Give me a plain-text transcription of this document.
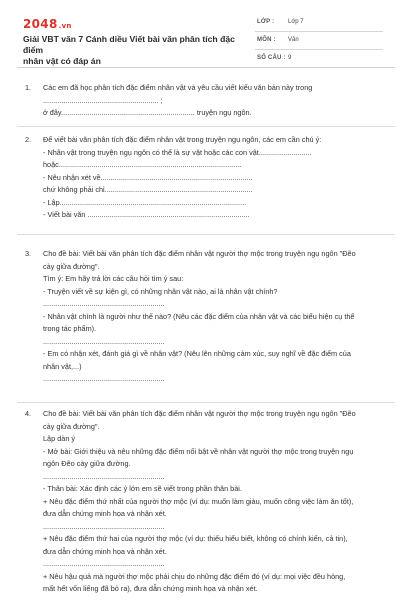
2048.vn
Giải VBT văn 7 Cánh diều Viết bài văn phân tích đặc điểm
nhân vật có đáp án
LỚP : Lớp 7
MÔN : Văn
SỐ CÂU : 9
1. Các em đã học phân tích đặc điểm nhân vật và yêu cầu viết kiểu văn bản này trong
......................................................... ;
ở đây.................................................................. truyện ngụ ngôn.
2. Để viết bài văn phân tích đặc điểm nhân vật trong truyện ngụ ngôn, các em cần chú ý:
- Nhân vật trong truyện ngụ ngôn có thể là sự vật hoặc các con vật..........................
hoặc..........................................................................................
- Nêu nhận xét về...........................................................................
chứ không phải chỉ.........................................................................
- Lập............................................................................................
- Viết bài văn ................................................................................
3. Cho đề bài: Viết bài văn phân tích đặc điểm nhân vật người thợ mộc trong truyện ngụ ngôn "Đẽo
cày giữa đường".
Tìm ý: Em hãy trả lời các câu hỏi tìm ý sau:
- Truyện viết về sự kiện gì, có những nhân vật nào, ai là nhân vật chính?
............................................................
- Nhân vật chính là người như thế nào? (Nêu các đặc điểm của nhân vật và các biểu hiện cụ thể
trong tác phẩm).
............................................................
- Em có nhận xét, đánh giá gì về nhân vật? (Nêu lên những cảm xúc, suy nghĩ về đặc điểm của
nhân vật,...)
............................................................
4. Cho đề bài: Viết bài văn phân tích đặc điểm nhân vật người thợ mộc trong truyện ngụ ngôn "Đẽo
cày giữa đường".
Lập dàn ý
- Mở bài: Giới thiệu và nêu những đặc điểm nổi bật về nhân vật người thợ mộc trong truyện ngụ
ngôn Đẽo cày giữa đường.
............................................................
- Thân bài: Xác định các ý lớn em sẽ viết trong phần thân bài.
+ Nêu đặc điểm thứ nhất của người thợ mộc (ví dụ: muốn làm giàu, muốn công việc làm ăn tốt),
đưa dẫn chứng minh họa và nhận xét.
............................................................
+ Nêu đặc điểm thứ hai của người thợ mộc (ví dụ: thiếu hiểu biết, không có chính kiến, cả tin),
đưa dẫn chứng minh họa và nhận xét.
............................................................
+ Nêu hậu quả mà người thợ mộc phải chịu do những đặc điểm đó (ví dụ: mọi việc đều hỏng,
mất hết vốn liếng đã bỏ ra), đưa dẫn chứng minh họa và nhận xét.
